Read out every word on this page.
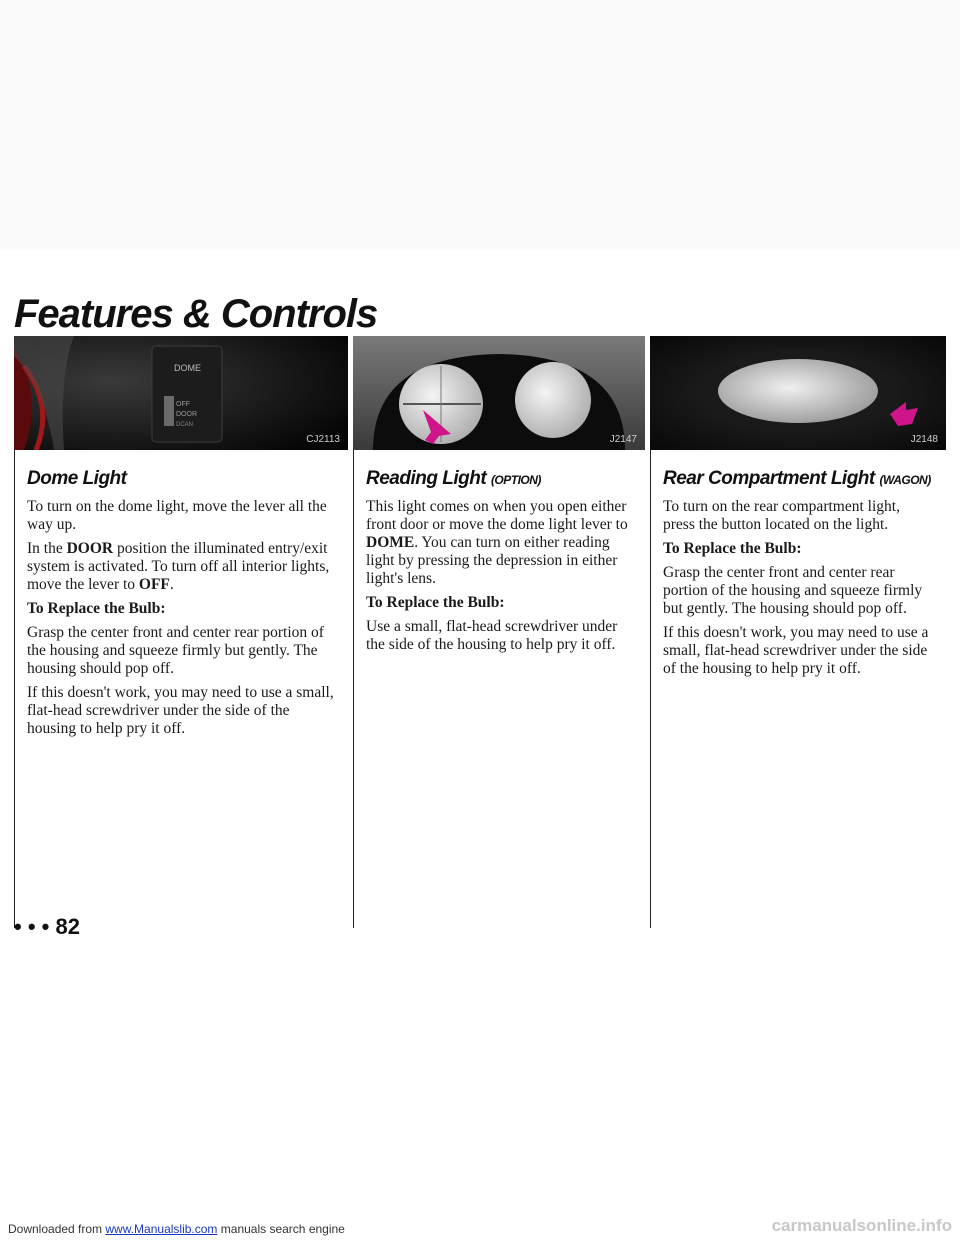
Features & Controls
DOME
OFF
DOOR
DCAN
CJ2113	J2147	J2148
Dome Light

To turn on the dome light, move the lever all the way up.

In the DOOR position the illuminated entry/exit system is activated. To turn off all interior lights, move the lever to OFF.

To Replace the Bulb:

Grasp the center front and center rear portion of the housing and squeeze firmly but gently. The housing should pop off.

If this doesn't work, you may need to use a small, flat-head screwdriver under the side of the housing to help pry it off.

Reading Light (OPTION)

This light comes on when you open either front door or move the dome light lever to DOME. You can turn on either reading light by pressing the depression in either light's lens.

To Replace the Bulb:

Use a small, flat-head screwdriver under the side of the housing to help pry it off.

Rear Compartment Light (WAGON)

To turn on the rear compartment light, press the button located on the light.

To Replace the Bulb:

Grasp the center front and center rear portion of the housing and squeeze firmly but gently. The housing should pop off.

If this doesn't work, you may need to use a small, flat-head screwdriver under the side of the housing to help pry it off.

• • • 82
Downloaded from www.Manualslib.com manuals search engine	carmanualsonline.info
